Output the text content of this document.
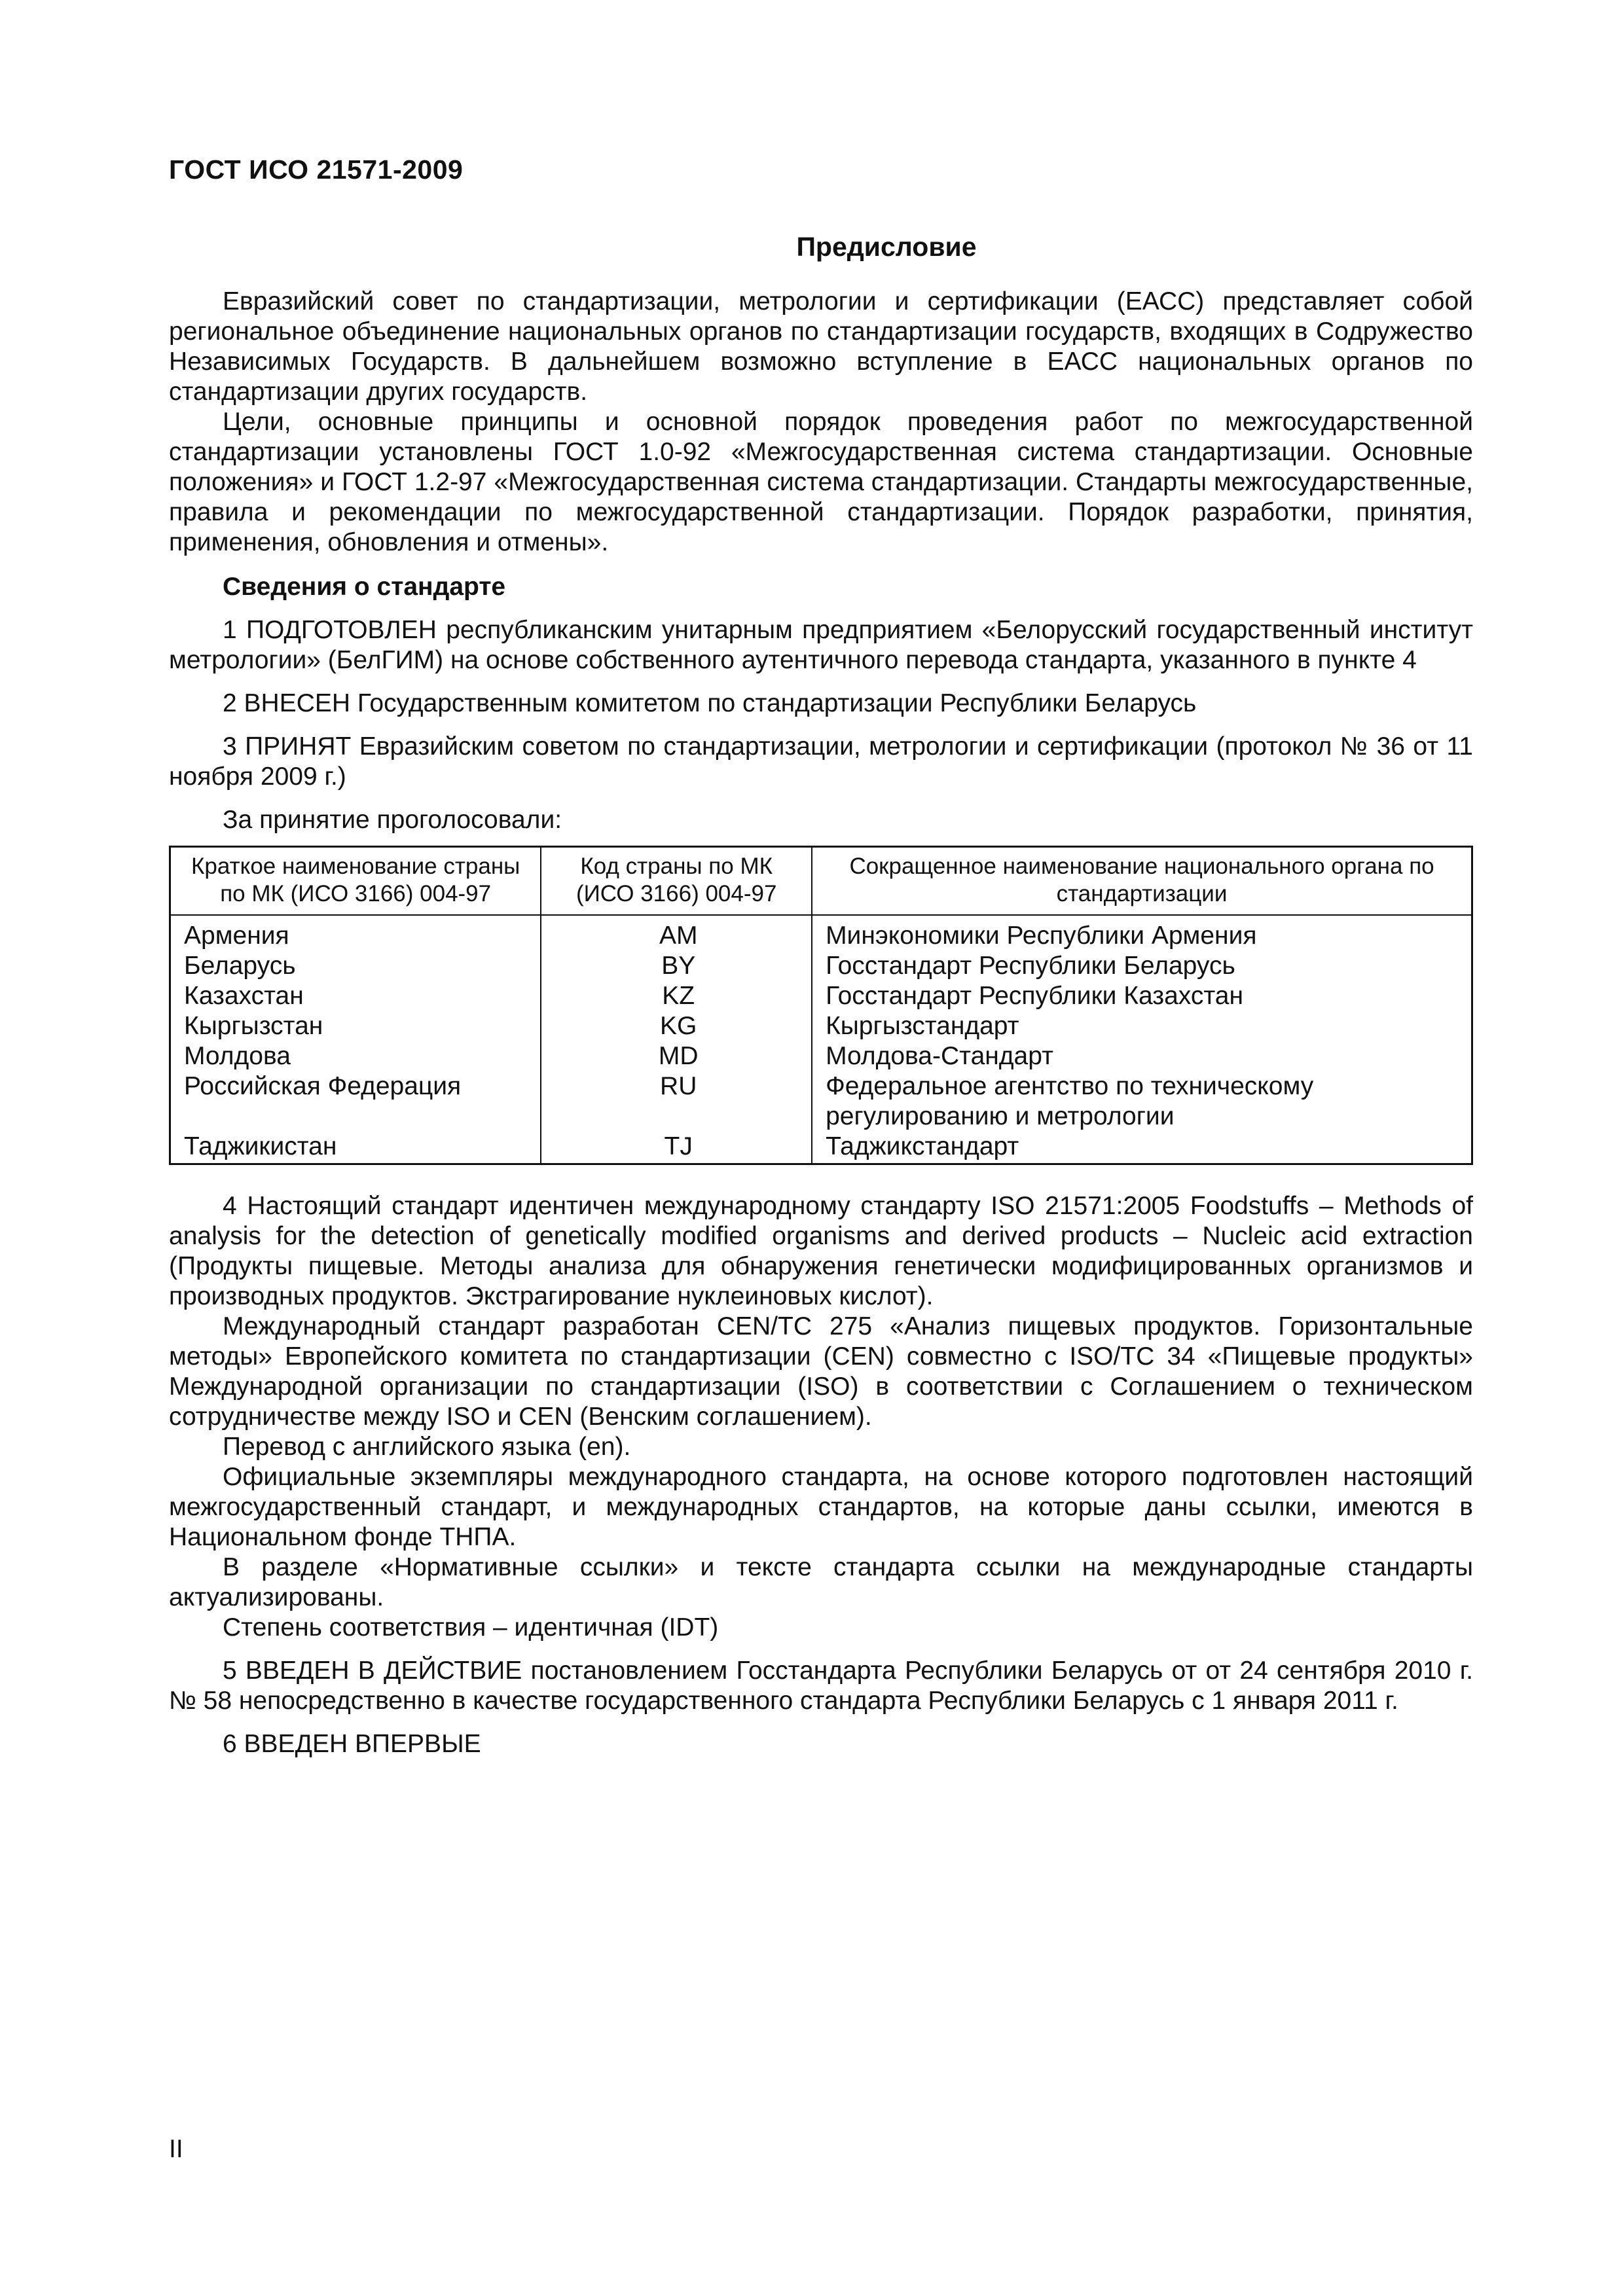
ГОСТ ИСО 21571-2009
Предисловие

Евразийский совет по стандартизации, метрологии и сертификации (ЕАСС) представляет собой региональное объединение национальных органов по стандартизации государств, входящих в Содружество Независимых Государств. В дальнейшем возможно вступление в ЕАСС национальных органов по стандартизации других государств.

Цели, основные принципы и основной порядок проведения работ по межгосударственной стандартизации установлены ГОСТ 1.0-92 «Межгосударственная система стандартизации. Основные положения» и ГОСТ 1.2-97 «Межгосударственная система стандартизации. Стандарты межгосударственные, правила и рекомендации по межгосударственной стандартизации. Порядок разработки, принятия, применения, обновления и отмены».

Сведения о стандарте

1 ПОДГОТОВЛЕН республиканским унитарным предприятием «Белорусский государственный институт метрологии» (БелГИМ) на основе собственного аутентичного перевода стандарта, указанного в пункте 4

2 ВНЕСЕН Государственным комитетом по стандартизации Республики Беларусь

3 ПРИНЯТ Евразийским советом по стандартизации, метрологии и сертификации (протокол № 36 от 11 ноября 2009 г.)

За принятие проголосовали:

Краткое наименование страны по МК (ИСО 3166) 004-97	Код страны по МК (ИСО 3166) 004-97	Сокращенное наименование национального органа по стандартизации
Армения	AM	Минэкономики Республики Армения
Беларусь	BY	Госстандарт Республики Беларусь
Казахстан	KZ	Госстандарт Республики Казахстан
Кыргызстан	KG	Кыргызстандарт
Молдова	MD	Молдова-Стандарт
Российская Федерация	RU	Федеральное агентство по техническому регулированию и метрологии
Таджикистан	TJ	Таджикстандарт

4 Настоящий стандарт идентичен международному стандарту ISO 21571:2005 Foodstuffs – Methods of analysis for the detection of genetically modified organisms and derived products – Nucleic acid extraction (Продукты пищевые. Методы анализа для обнаружения генетически модифицированных организмов и производных продуктов. Экстрагирование нуклеиновых кислот).

Международный стандарт разработан CEN/TC 275 «Анализ пищевых продуктов. Горизонтальные методы» Европейского комитета по стандартизации (CEN) совместно с ISO/TC 34 «Пищевые продукты» Международной организации по стандартизации (ISO) в соответствии с Соглашением о техническом сотрудничестве между ISO и CEN (Венским соглашением).

Перевод с английского языка (en).

Официальные экземпляры международного стандарта, на основе которого подготовлен настоящий межгосударственный стандарт, и международных стандартов, на которые даны ссылки, имеются в Национальном фонде ТНПА.

В разделе «Нормативные ссылки» и тексте стандарта ссылки на международные стандарты актуализированы.

Степень соответствия – идентичная (IDT)

5 ВВЕДЕН В ДЕЙСТВИЕ постановлением Госстандарта Республики Беларусь от от 24 сентября 2010 г. № 58 непосредственно в качестве государственного стандарта Республики Беларусь с 1 января 2011 г.

6 ВВЕДЕН ВПЕРВЫЕ

II
